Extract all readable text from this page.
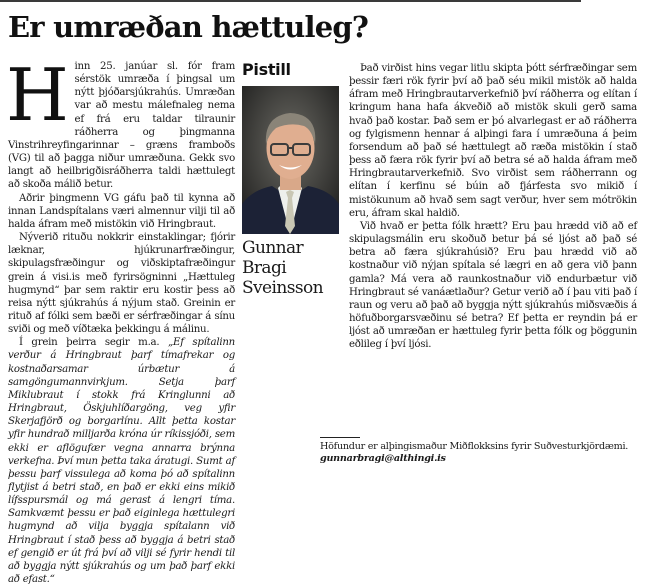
Er umræðan hættuleg?

Hinn 25. janúar sl. fór fram sérstök umræða í þingsal um nýtt þjóðarsjúkrahús. Umræðan var að mestu málefnaleg nema ef frá eru taldar tilraunir ráðherra og þingmanna Vinstrihreyfingarinnar – græns framboðs (VG) til að þagga niður umræðuna. Gekk svo langt að heilbrigðisráðherra taldi hættulegt að skoða málið betur.

Aðrir þingmenn VG gáfu það til kynna að innan Landspítalans væri almennur vilji til að halda áfram með mistökin við Hringbraut.

Nýverið rituðu nokkrir einstaklingar; fjórir læknar, hjúkrunarfræðingur, skipulagsfræðingur og viðskiptafræðingur grein á visi.is með fyrirsögninni „Hættuleg hugmynd“ þar sem raktir eru kostir þess að reisa nýtt sjúkrahús á nýjum stað. Greinin er rituð af fólki sem bæði er sérfræðingar á sínu sviði og með víðtæka þekkingu á málinu.

Í grein þeirra segir m.a. „Ef spítalinn verður á Hringbraut þarf tímafrekar og kostnaðarsamar úrbætur á samgöngumannvirkjum. Setja þarf Miklubraut í stokk frá Kringlunni að Hringbraut, Öskjuhlíðargöng, veg yfir Skerjafjörð og borgarlínu. Allt þetta kostar yfir hundrað milljarða króna úr ríkissjóði, sem ekki er aflögufær vegna annarra brýnna verkefna. Því mun þetta taka áratugi. Sumt af þessu þarf vissulega að koma þó að spítalinn flytjist á betri stað, en það er ekki eins mikið lífsspursmál og má gerast á lengri tíma. Samkvæmt þessu er það eiginlega hættulegri hugmynd að vilja byggja spítalann við Hringbraut í stað þess að byggja á betri stað ef gengið er út frá því að vilji sé fyrir hendi til að byggja nýtt sjúkrahús og um það þarf ekki að efast.“

Pistill
Gunnar Bragi
Sveinsson

Það virðist hins vegar litlu skipta þótt sérfræðingar sem þessir færi rök fyrir því að það séu mikil mistök að halda áfram með Hringbrautarverkefnið því ráðherra og elítan í kringum hana hafa ákveðið að mistök skuli gerð sama hvað það kostar. Það sem er þó alvarlegast er að ráðherra og fylgismenn hennar á alþingi fara í umræðuna á þeim forsendum að það sé hættulegt að ræða mistökin í stað þess að færa rök fyrir því að betra sé að halda áfram með Hringbrautarverkefnið. Svo virðist sem ráðherrann og elítan í kerfinu sé búin að fjárfesta svo mikið í mistökunum að hvað sem sagt verður, hver sem mótrökin eru, áfram skal haldið.

Við hvað er þetta fólk hrætt? Eru þau hrædd við að ef skipulagsmálin eru skoðuð betur þá sé ljóst að það sé betra að færa sjúkrahúsið? Eru þau hrædd við að kostnaður við nýjan spítala sé lægri en að gera við þann gamla? Má vera að raunkostnaður við endurbætur við Hringbraut sé vanáætlaður? Getur verið að í þau viti það í raun og veru að það að byggja nýtt sjúkrahús miðsvæðis á höfuðborgarsvæðinu sé betra? Ef þetta er reyndin þá er ljóst að umræðan er hættuleg fyrir þetta fólk og þöggunin eðlileg í því ljósi.

Höfundur er alþingismaður Miðflokksins fyrir Suðvesturkjördæmi. gunnarbragi@althingi.is
